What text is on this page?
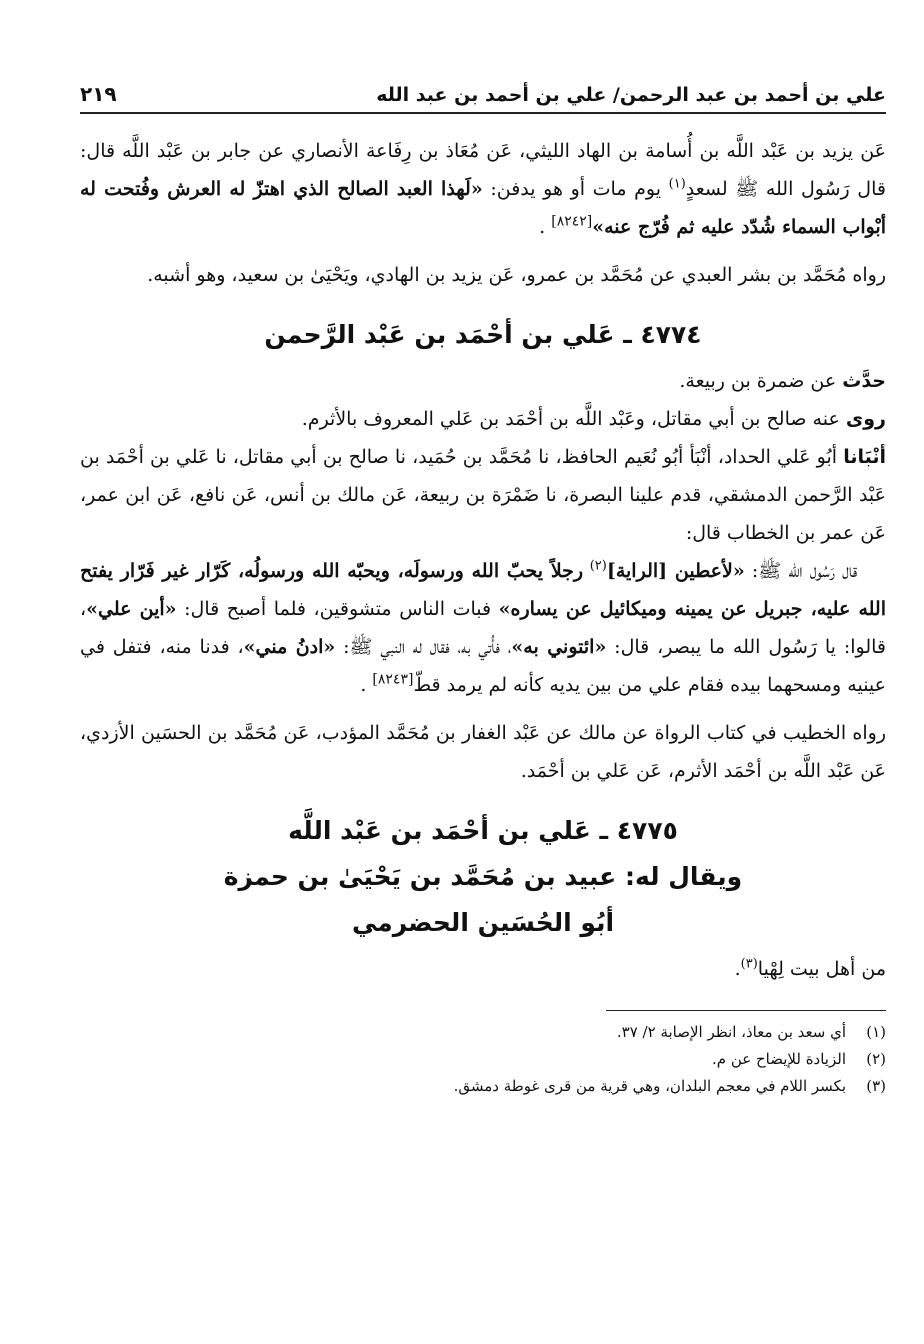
علي بن أحمد بن عبد الرحمن/ علي بن أحمد بن عبد الله
٢١٩

عَن يزيد بن عَبْد اللَّه بن أُسامة بن الهاد الليثي، عَن مُعَاذ بن رِفَاعة الأنصاري عن جابر بن عَبْد اللَّه قال: قال رَسُول الله ﷺ لسعدٍ$^{(١)}$ يوم مات أو هو يدفن: «لَهذا العبد الصالح الذي اهتزّ له العرش وفُتحت له أبْواب السماء شُدّد عليه ثم فُرّج عنه»[٨٢٤٢] .

رواه مُحَمَّد بن بشر العبدي عن مُحَمَّد بن عمرو، عَن يزيد بن الهادي، ويَحْيَىٰ بن سعيد، وهو أشبه.

٤٧٧٤ ـ عَلي بن أحْمَد بن عَبْد الرَّحمن

حدَّث عن ضمرة بن ربيعة.

روى عنه صالح بن أبي مقاتل، وعَبْد اللَّه بن أحْمَد بن عَلي المعروف بالأثرم.

أنْبَانا أبُو عَلي الحداد، أنْبَأ أبُو نُعَيم الحافظ، نا مُحَمَّد بن حُمَيد، نا صالح بن أبي مقاتل، نا عَلي بن أحْمَد بن عَبْد الرَّحمن الدمشقي، قدم علينا البصرة، نا ضَمْرَة بن ربيعة، عَن مالك بن أنس، عَن نافع، عَن ابن عمر، عَن عمر بن الخطاب قال:

قال رَسُول الله ﷺ: «لأعطين [الراية]$^{(٢)}$ رجلاً يحبّ الله ورسولَه، ويحبّه الله ورسولُه، كَرّار غير فَرّار يفتح الله عليه، جبريل عن يمينه وميكائيل عن يساره» فبات الناس متشوقين، فلما أصبح قال: «أين علي»، قالوا: يا رَسُول الله ما يبصر، قال: «ائتوني به»، فأُتي به، فقال له النبي ﷺ: «ادنُ مني»، فدنا منه، فتفل في عينيه ومسحهما بيده فقام علي من بين يديه كأنه لم يرمد قطّ[٨٢٤٣] .

رواه الخطيب في كتاب الرواة عن مالك عن عَبْد الغفار بن مُحَمَّد المؤدب، عَن مُحَمَّد بن الحسَين الأزدي، عَن عَبْد اللَّه بن أحْمَد الأثرم، عَن عَلي بن أحْمَد.

٤٧٧٥ ـ عَلي بن أحْمَد بن عَبْد اللَّه

ويقال له: عبيد بن مُحَمَّد بن يَحْيَىٰ بن حمزة

أبُو الحُسَين الحضرمي

من أهل بيت لِهْيا$^{(٣)}$.

(١)
أي سعد بن معاذ، انظر الإصابة ٢/ ٣٧.

(٢)
الزيادة للإيضاح عن م.

(٣)
بكسر اللام في معجم البلدان، وهي قرية من قرى غوطة دمشق.
